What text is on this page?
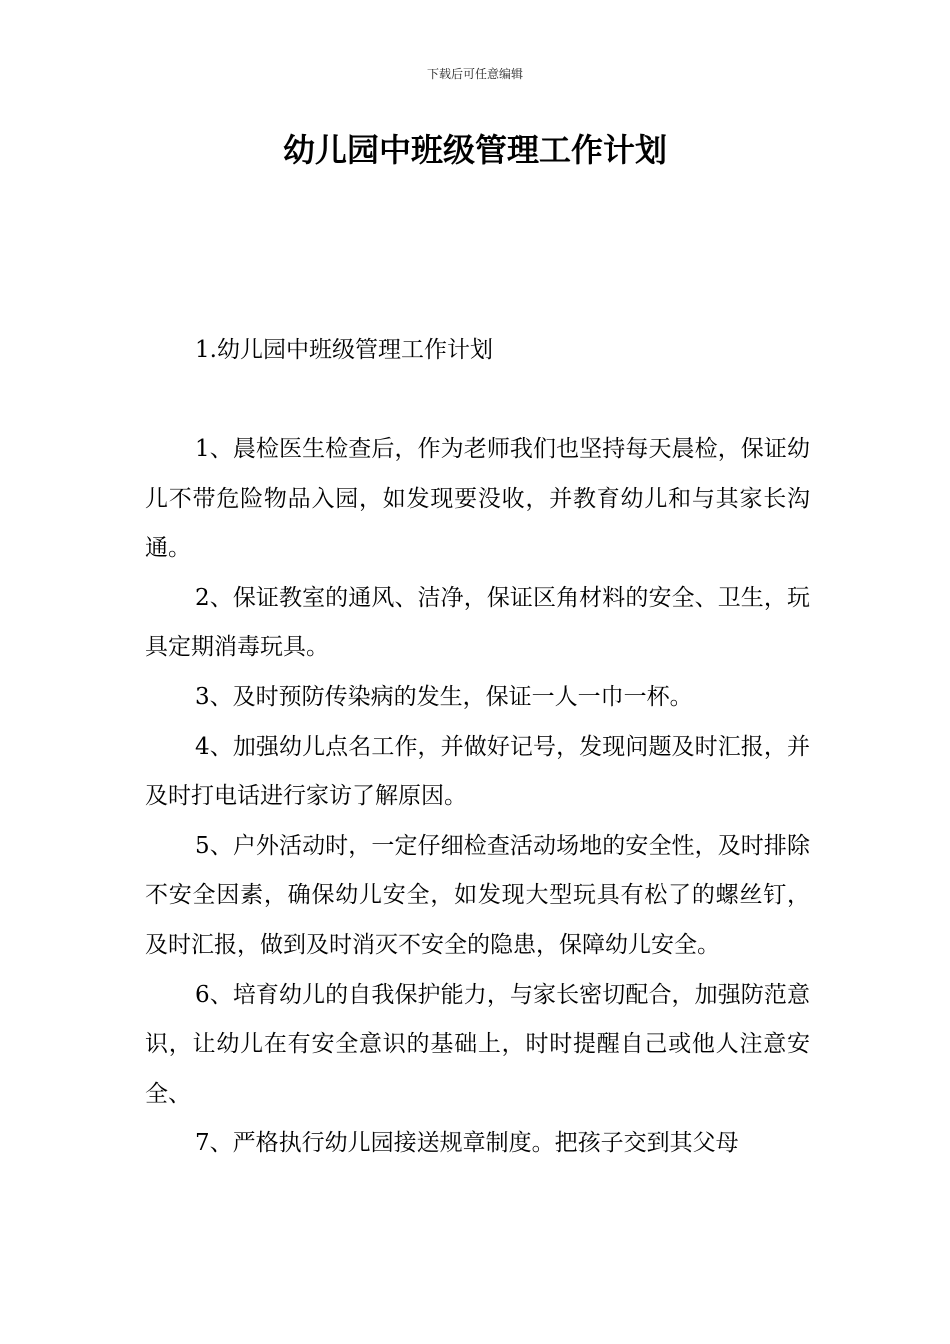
下载后可任意编辑
幼儿园中班级管理工作计划
1.幼儿园中班级管理工作计划

1、晨检医生检查后，作为老师我们也坚持每天晨检，保证幼儿不带危险物品入园，如发现要没收，并教育幼儿和与其家长沟通。

2、保证教室的通风、洁净，保证区角材料的安全、卫生，玩具定期消毒玩具。

3、及时预防传染病的发生，保证一人一巾一杯。

4、加强幼儿点名工作，并做好记号，发现问题及时汇报，并及时打电话进行家访了解原因。

5、户外活动时，一定仔细检查活动场地的安全性，及时排除不安全因素，确保幼儿安全，如发现大型玩具有松了的螺丝钉，及时汇报，做到及时消灭不安全的隐患，保障幼儿安全。

6、培育幼儿的自我保护能力，与家长密切配合，加强防范意识，让幼儿在有安全意识的基础上，时时提醒自己或他人注意安全、

7、严格执行幼儿园接送规章制度。把孩子交到其父母
